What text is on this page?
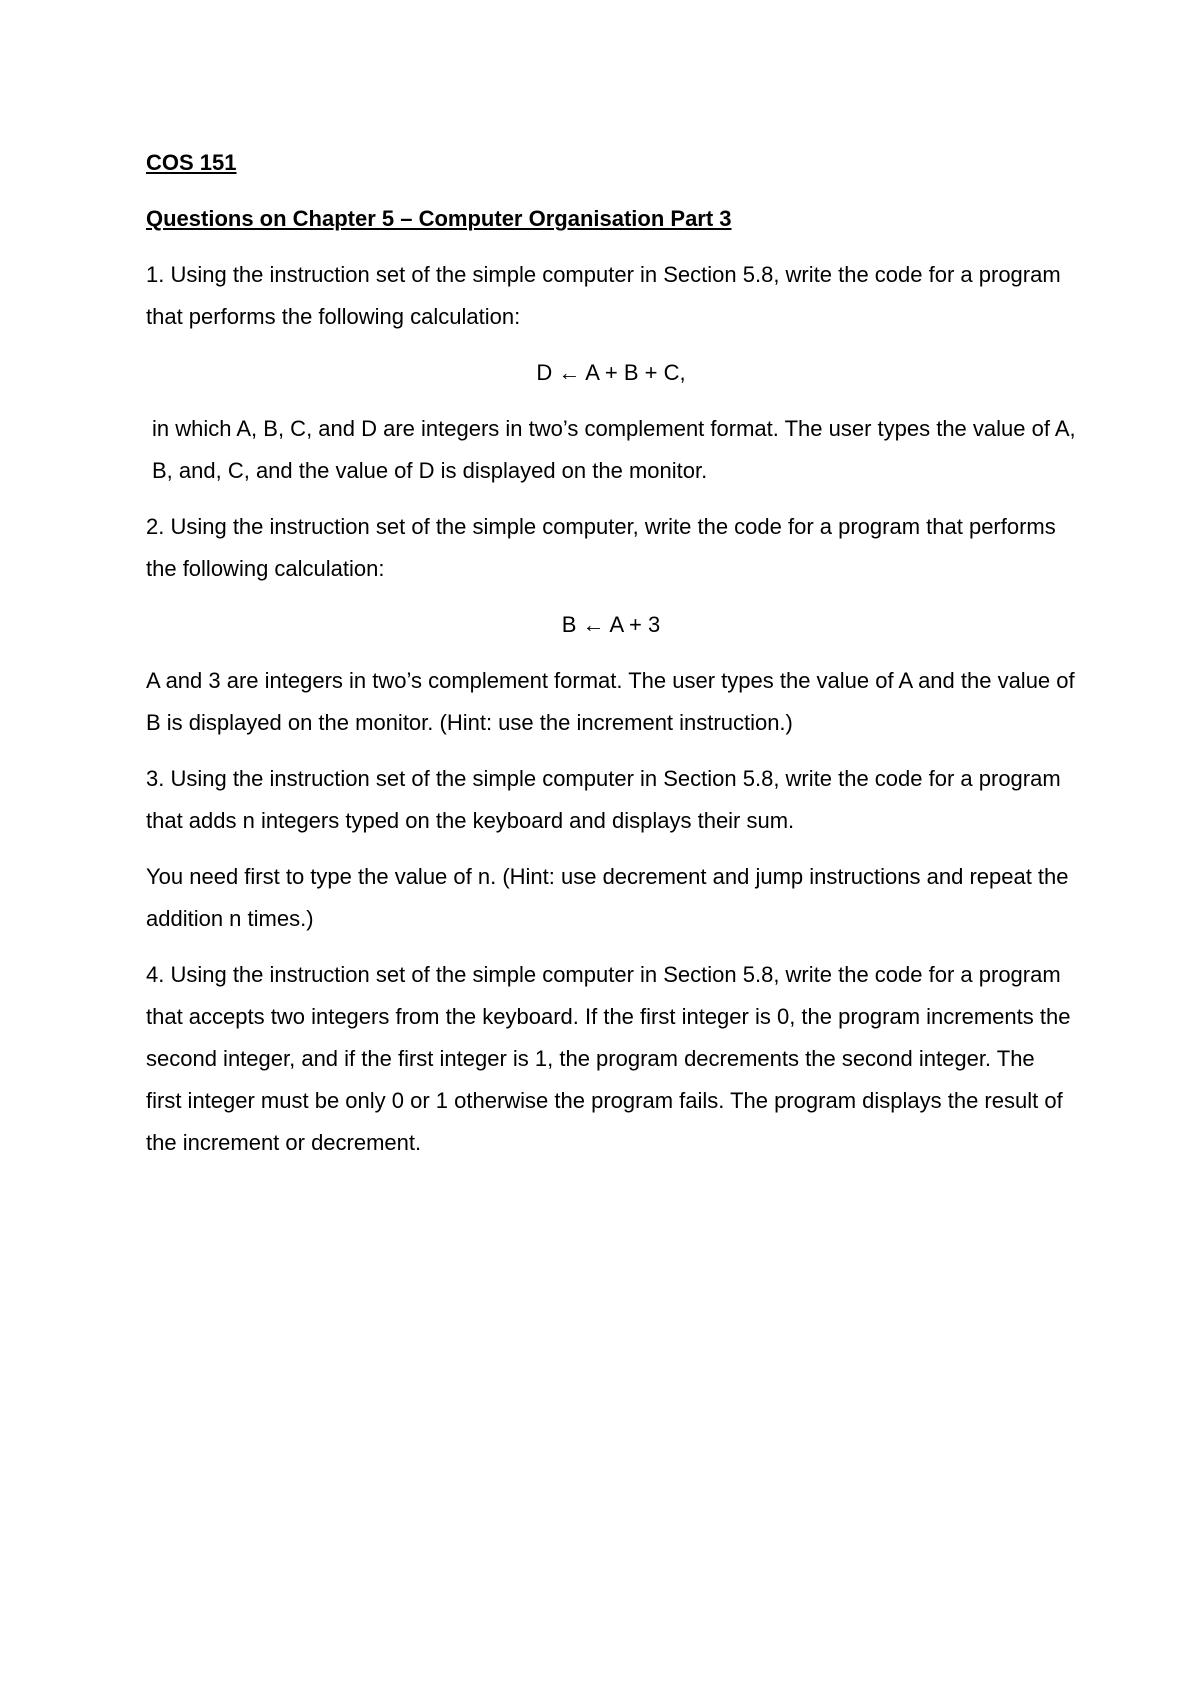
COS 151
Questions on Chapter 5 – Computer Organisation Part 3

1. Using the instruction set of the simple computer in Section 5.8, write the code for a program that performs the following calculation:

D ← A + B + C,

in which A, B, C, and D are integers in two’s complement format. The user types the value of A, B, and, C, and the value of D is displayed on the monitor.

2. Using the instruction set of the simple computer, write the code for a program that performs the following calculation:

B ← A + 3

A and 3 are integers in two’s complement format. The user types the value of A and the value of B is displayed on the monitor. (Hint: use the increment instruction.)

3. Using the instruction set of the simple computer in Section 5.8, write the code for a program that adds n integers typed on the keyboard and displays their sum.

You need first to type the value of n. (Hint: use decrement and jump instructions and repeat the addition n times.)

4. Using the instruction set of the simple computer in Section 5.8, write the code for a program that accepts two integers from the keyboard. If the first integer is 0, the program increments the second integer, and if the first integer is 1, the program decrements the second integer. The first integer must be only 0 or 1 otherwise the program fails. The program displays the result of the increment or decrement.
